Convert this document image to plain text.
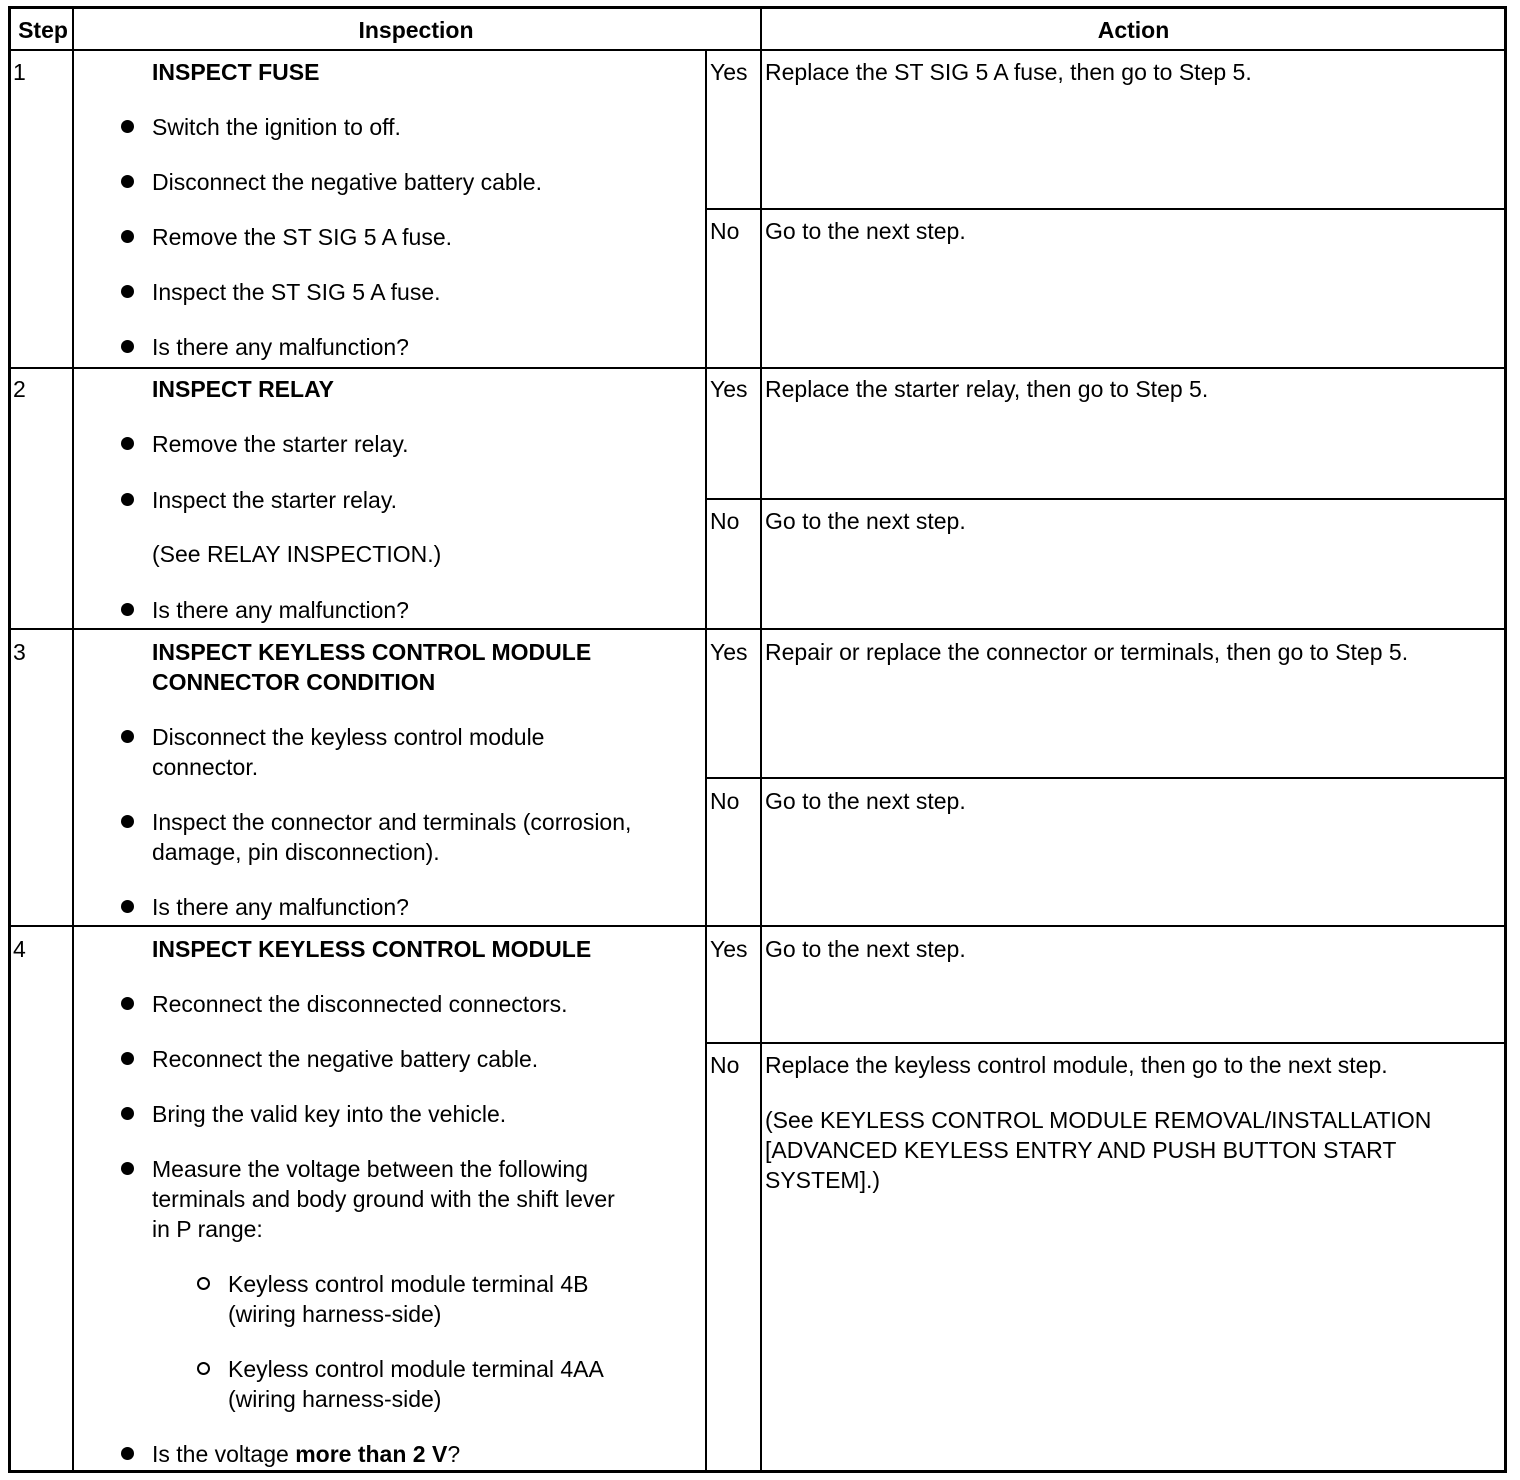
Step	Inspection	Action
1	INSPECT FUSE
Switch the ignition to off.
Disconnect the negative battery cable.
Remove the ST SIG 5 A fuse.
Inspect the ST SIG 5 A fuse.
Is there any malfunction?
Yes Replace the ST SIG 5 A fuse, then go to Step 5.
No Go to the next step.
2	INSPECT RELAY
Remove the starter relay.
Inspect the starter relay.
(See RELAY INSPECTION.)
Is there any malfunction?
Yes Replace the starter relay, then go to Step 5.
No Go to the next step.
3	INSPECT KEYLESS CONTROL MODULE
CONNECTOR CONDITION
Disconnect the keyless control module
connector.
Inspect the connector and terminals (corrosion,
damage, pin disconnection).
Is there any malfunction?
Yes Repair or replace the connector or terminals, then go to Step 5.
No Go to the next step.
4	INSPECT KEYLESS CONTROL MODULE
Reconnect the disconnected connectors.
Reconnect the negative battery cable.
Bring the valid key into the vehicle.
Measure the voltage between the following
terminals and body ground with the shift lever
in P range:
Keyless control module terminal 4B
(wiring harness-side)
Keyless control module terminal 4AA
(wiring harness-side)
Is the voltage more than 2 V?
Yes Go to the next step.
No Replace the keyless control module, then go to the next step.
(See KEYLESS CONTROL MODULE REMOVAL/INSTALLATION
[ADVANCED KEYLESS ENTRY AND PUSH BUTTON START
SYSTEM].)
